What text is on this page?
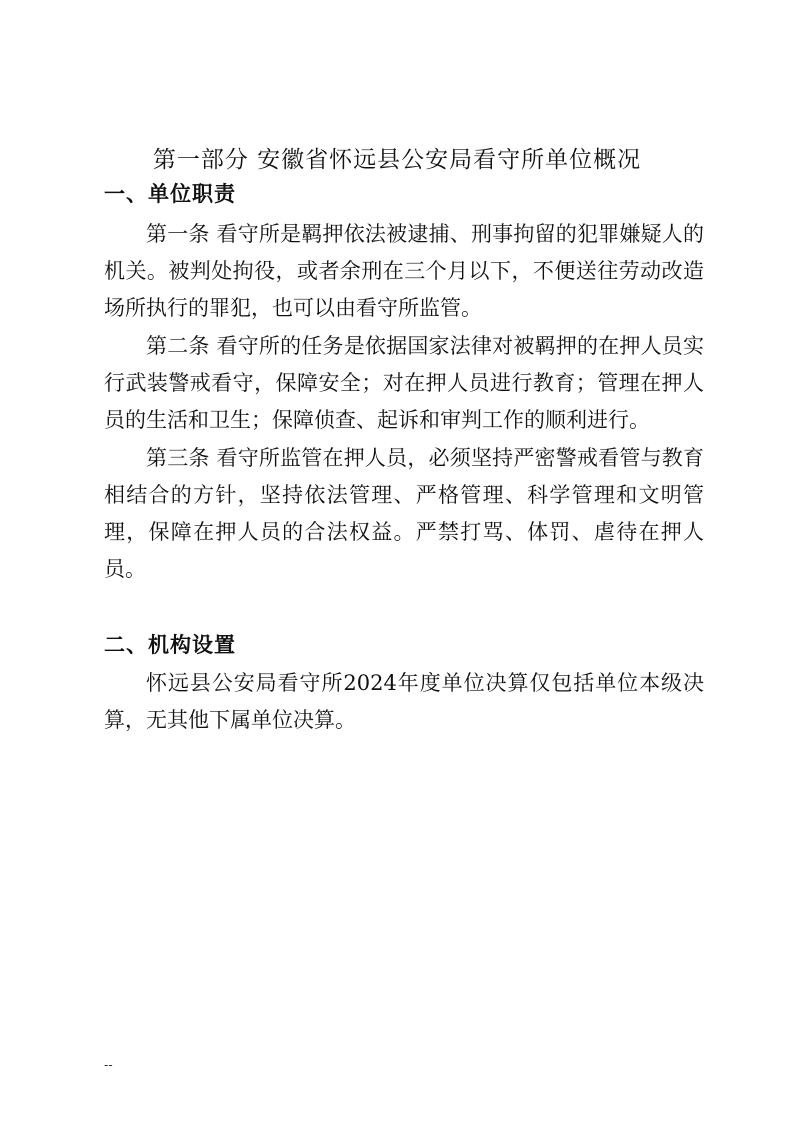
第一部分 安徽省怀远县公安局看守所单位概况
一、单位职责

第一条 看守所是羁押依法被逮捕、刑事拘留的犯罪嫌疑人的机关。被判处拘役，或者余刑在三个月以下，不便送往劳动改造场所执行的罪犯，也可以由看守所监管。

第二条 看守所的任务是依据国家法律对被羁押的在押人员实行武装警戒看守，保障安全；对在押人员进行教育；管理在押人员的生活和卫生；保障侦查、起诉和审判工作的顺利进行。

第三条 看守所监管在押人员，必须坚持严密警戒看管与教育相结合的方针，坚持依法管理、严格管理、科学管理和文明管理，保障在押人员的合法权益。严禁打骂、体罚、虐待在押人员。

二、机构设置

怀远县公安局看守所2024年度单位决算仅包括单位本级决算，无其他下属单位决算。

--
